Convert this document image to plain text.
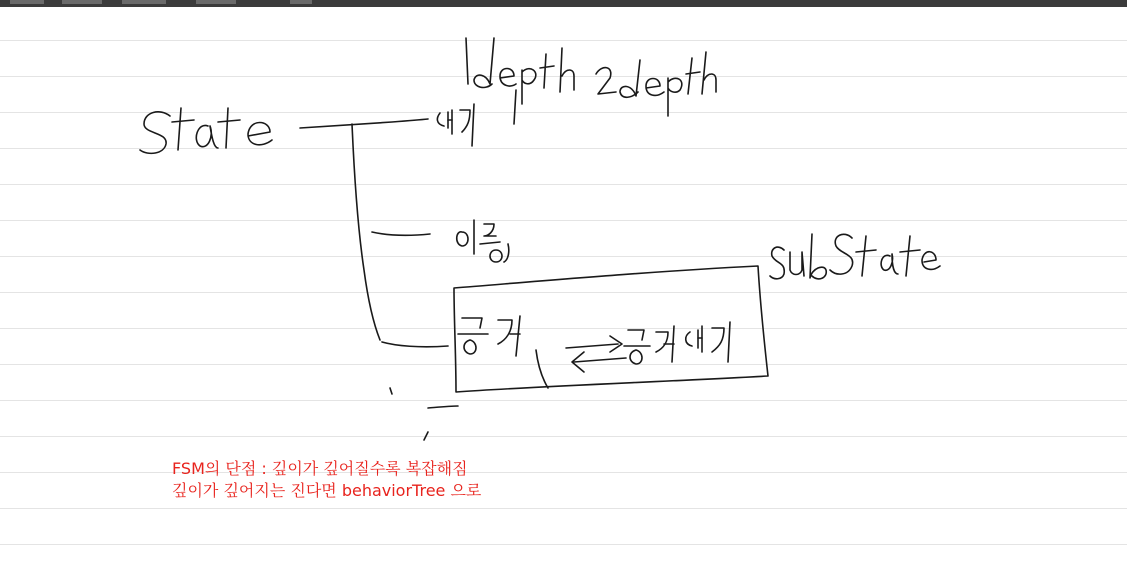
FSM의 단점 : 깊이가 깊어질수록 복잡해짐
깊이가 깊어지는 진다면 behaviorTree 으로
